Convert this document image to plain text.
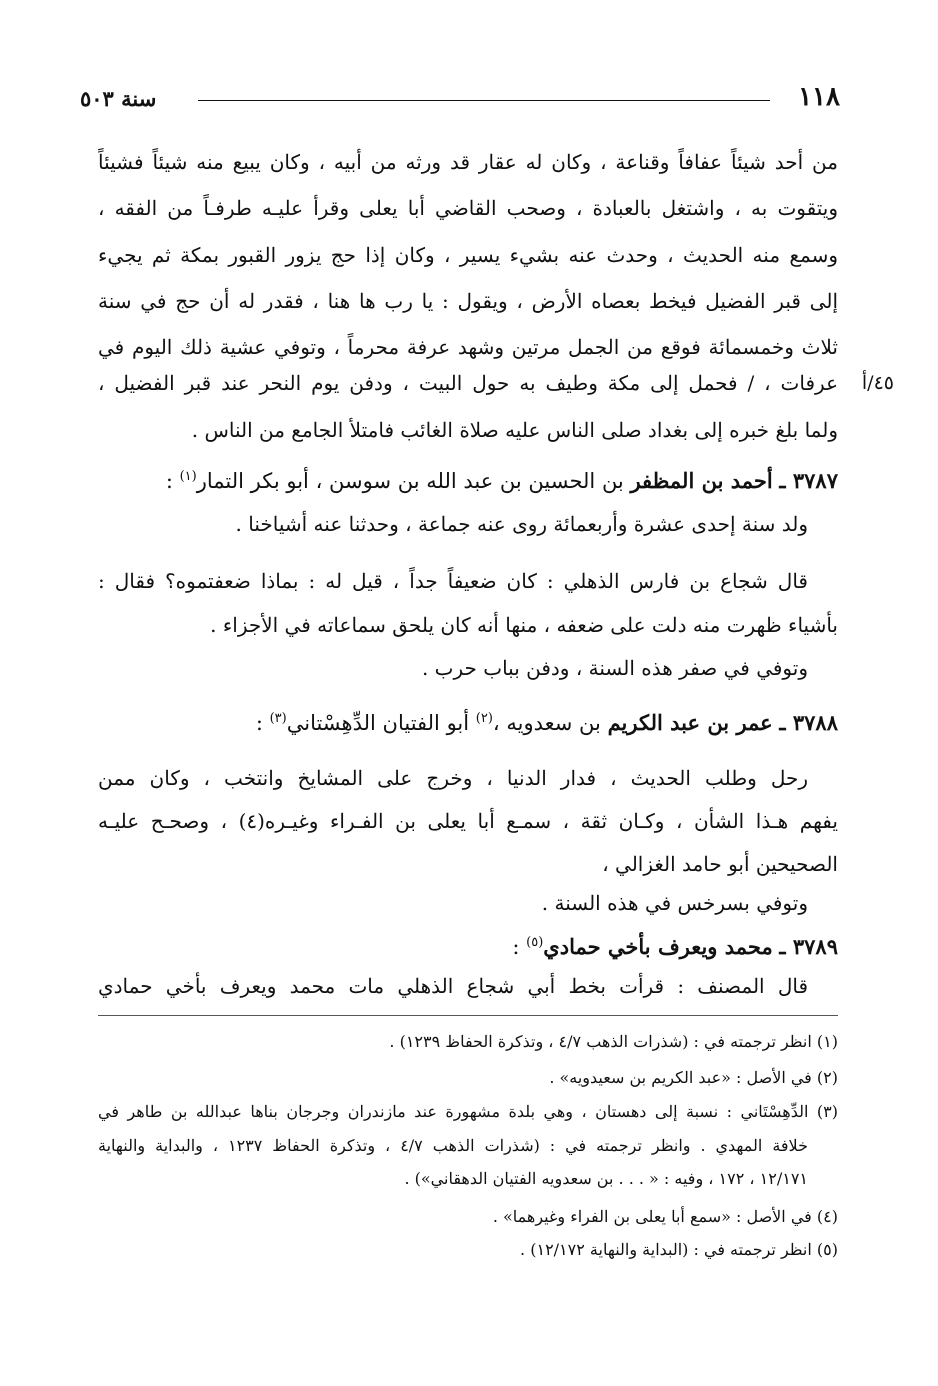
١١٨
سنة ٥٠٣
من أحد شيئاً عفافاً وقناعة ، وكان له عقار قد ورثه من أبيه ، وكان يبيع منه شيئاً فشيئاً
ويتقوت به ، واشتغل بالعبادة ، وصحب القاضي أبا يعلى وقرأ عليـه طرفـاً من الفقه ،
وسمع منه الحديث ، وحدث عنه بشيء يسير ، وكان إذا حج يزور القبور بمكة ثم يجيء
إلى قبر الفضيل فيخط بعصاه الأرض ، ويقول : يا رب ها هنا ، فقدر له أن حج في سنة
ثلاث وخمسمائة فوقع من الجمل مرتين وشهد عرفة محرماً ، وتوفي عشية ذلك اليوم في
٤٥/أ
عرفات ، / فحمل إلى مكة وطيف به حول البيت ، ودفن يوم النحر عند قبر الفضيل ،
ولما بلغ خبره إلى بغداد صلى الناس عليه صلاة الغائب فامتلأ الجامع من الناس .
٣٧٨٧ ـ أحمد بن المظفر بن الحسين بن عبد الله بن سوسن ، أبو بكر التمار$^{(١)}$ :
ولد سنة إحدى عشرة وأربعمائة روى عنه جماعة ، وحدثنا عنه أشياخنا .
قال شجاع بن فارس الذهلي : كان ضعيفاً جداً ، قيل له : بماذا ضعفتموه؟ فقال :
بأشياء ظهرت منه دلت على ضعفه ، منها أنه كان يلحق سماعاته في الأجزاء .
وتوفي في صفر هذه السنة ، ودفن بباب حرب .
٣٧٨٨ ـ عمر بن عبد الكريم بن سعدويه ،$^{(٢)}$ أبو الفتيان الدِّهِسْتاني$^{(٣)}$ :
رحل وطلب الحديث ، فدار الدنيا ، وخرج على المشايخ وانتخب ، وكان ممن
يفهم هـذا الشأن ، وكـان ثقة ، سمـع أبا يعلى بن الفـراء وغيـره(٤) ، وصحـح عليـه
الصحيحين أبو حامد الغزالي ،
وتوفي بسرخس في هذه السنة .
٣٧٨٩ ـ محمد ويعرف بأخي حمادي$^{(٥)}$ :
قال المصنف : قرأت بخط أبي شجاع الذهلي مات محمد ويعرف بأخي حمادي
(١) انظر ترجمته في : (شذرات الذهب ٤/٧ ، وتذكرة الحفاظ ١٢٣٩) .
(٢) في الأصل : «عبد الكريم بن سعيدويه» .
(٣) الدِّهِسْتَاني : نسبة إلى دهستان ، وهي بلدة مشهورة عند مازندران وجرجان بناها عبدالله بن طاهر في
خلافة المهدي . وانظر ترجمته في : (شذرات الذهب ٤/٧ ، وتذكرة الحفاظ ١٢٣٧ ، والبداية والنهاية
١٢/١٧١ ، ١٧٢ ، وفيه : « . . . بن سعدويه الفتيان الدهقاني») .
(٤) في الأصل : «سمع أبا يعلى بن الفراء وغيرهما» .
(٥) انظر ترجمته في : (البداية والنهاية ١٢/١٧٢) .
